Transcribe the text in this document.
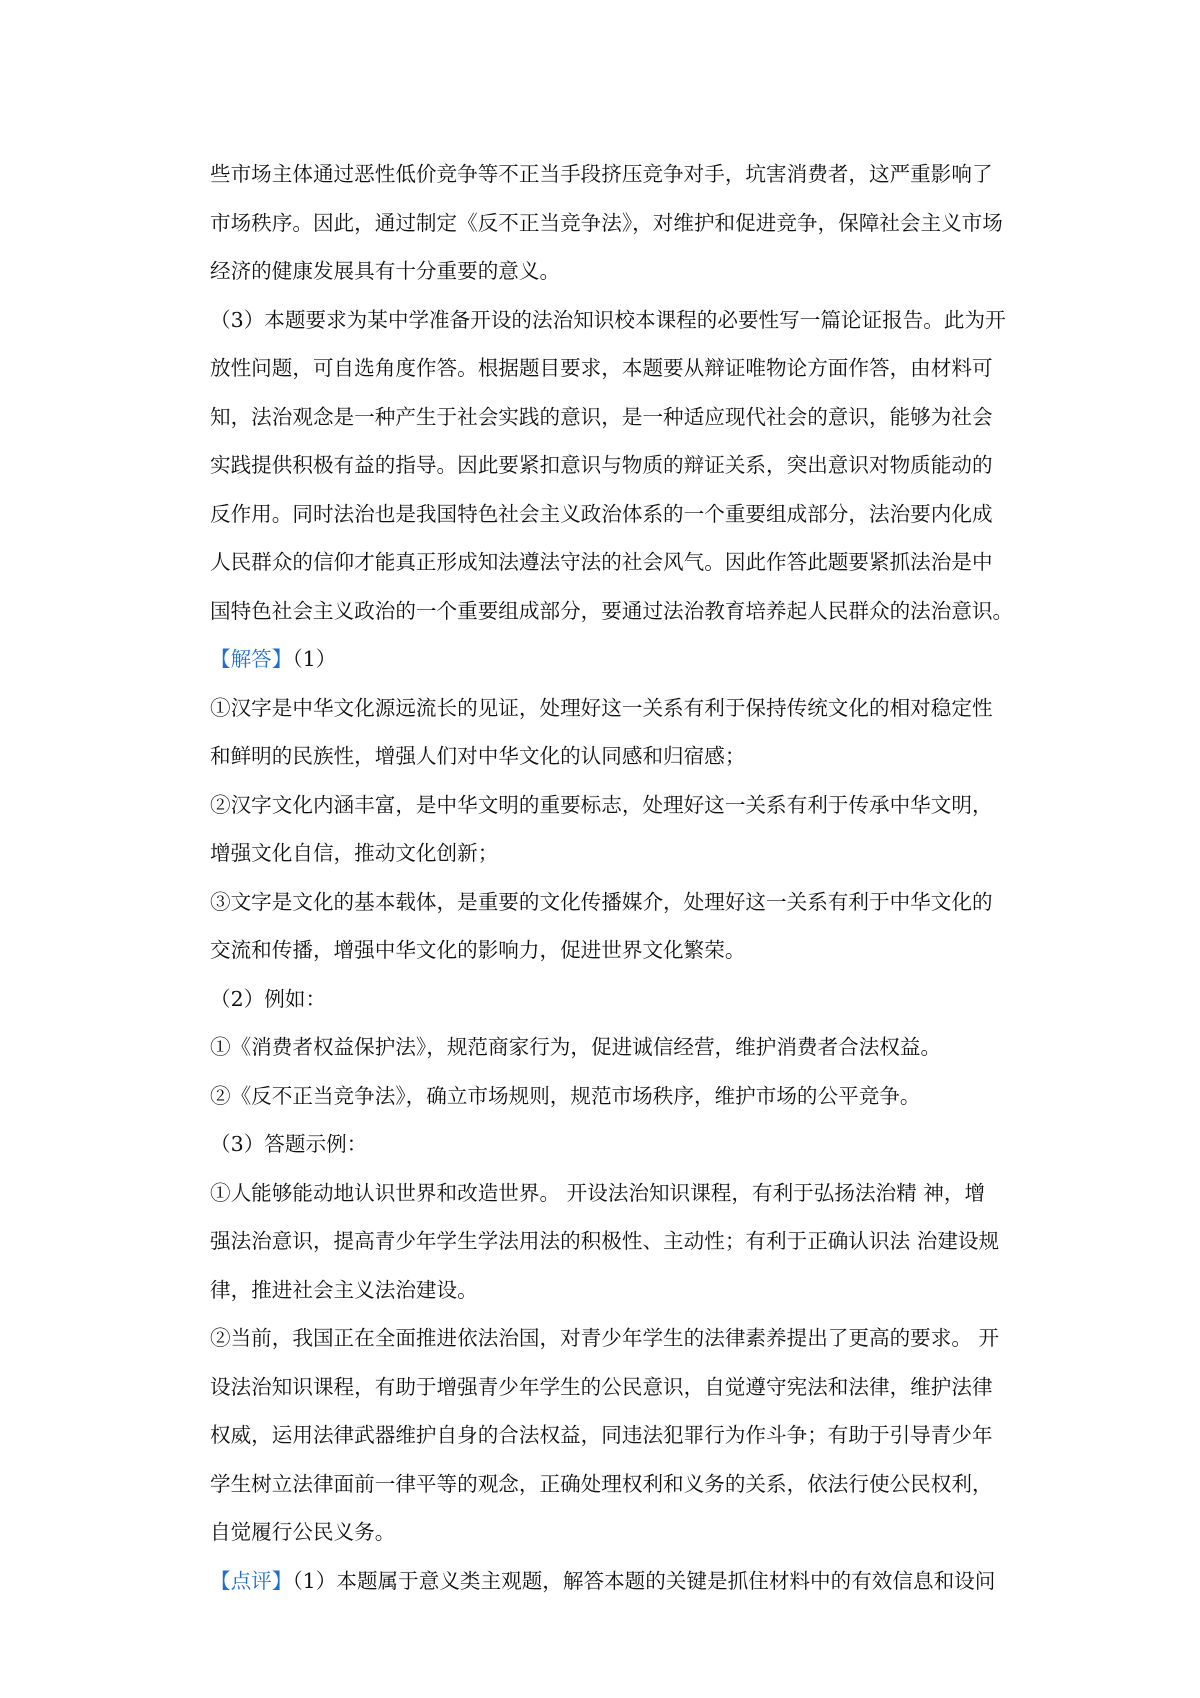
些市场主体通过恶性低价竞争等不正当手段挤压竞争对手，坑害消费者，这严重影响了
市场秩序。因此，通过制定《反不正当竞争法》，对维护和促进竞争，保障社会主义市场
经济的健康发展具有十分重要的意义。
（3）本题要求为某中学准备开设的法治知识校本课程的必要性写一篇论证报告。此为开
放性问题，可自选角度作答。根据题目要求，本题要从辩证唯物论方面作答，由材料可
知，法治观念是一种产生于社会实践的意识，是一种适应现代社会的意识，能够为社会
实践提供积极有益的指导。因此要紧扣意识与物质的辩证关系，突出意识对物质能动的
反作用。同时法治也是我国特色社会主义政治体系的一个重要组成部分，法治要内化成
人民群众的信仰才能真正形成知法遵法守法的社会风气。因此作答此题要紧抓法治是中
国特色社会主义政治的一个重要组成部分，要通过法治教育培养起人民群众的法治意识。
【解答】（1）
①汉字是中华文化源远流长的见证，处理好这一关系有利于保持传统文化的相对稳定性
和鲜明的民族性，增强人们对中华文化的认同感和归宿感；
②汉字文化内涵丰富，是中华文明的重要标志，处理好这一关系有利于传承中华文明，
增强文化自信，推动文化创新；
③文字是文化的基本载体，是重要的文化传播媒介，处理好这一关系有利于中华文化的
交流和传播，增强中华文化的影响力，促进世界文化繁荣。
（2）例如：
①《消费者权益保护法》，规范商家行为，促进诚信经营，维护消费者合法权益。
②《反不正当竞争法》，确立市场规则，规范市场秩序，维护市场的公平竞争。
（3）答题示例：
①人能够能动地认识世界和改造世界。 开设法治知识课程，有利于弘扬法治精 神，增
强法治意识，提高青少年学生学法用法的积极性、主动性；有利于正确认识法 治建设规
律，推进社会主义法治建设。
②当前，我国正在全面推进依法治国，对青少年学生的法律素养提出了更高的要求。 开
设法治知识课程，有助于增强青少年学生的公民意识，自觉遵守宪法和法律，维护法律
权威，运用法律武器维护自身的合法权益，同违法犯罪行为作斗争；有助于引导青少年
学生树立法律面前一律平等的观念，正确处理权利和义务的关系，依法行使公民权利，
自觉履行公民义务。
【点评】（1）本题属于意义类主观题，解答本题的关键是抓住材料中的有效信息和设问
